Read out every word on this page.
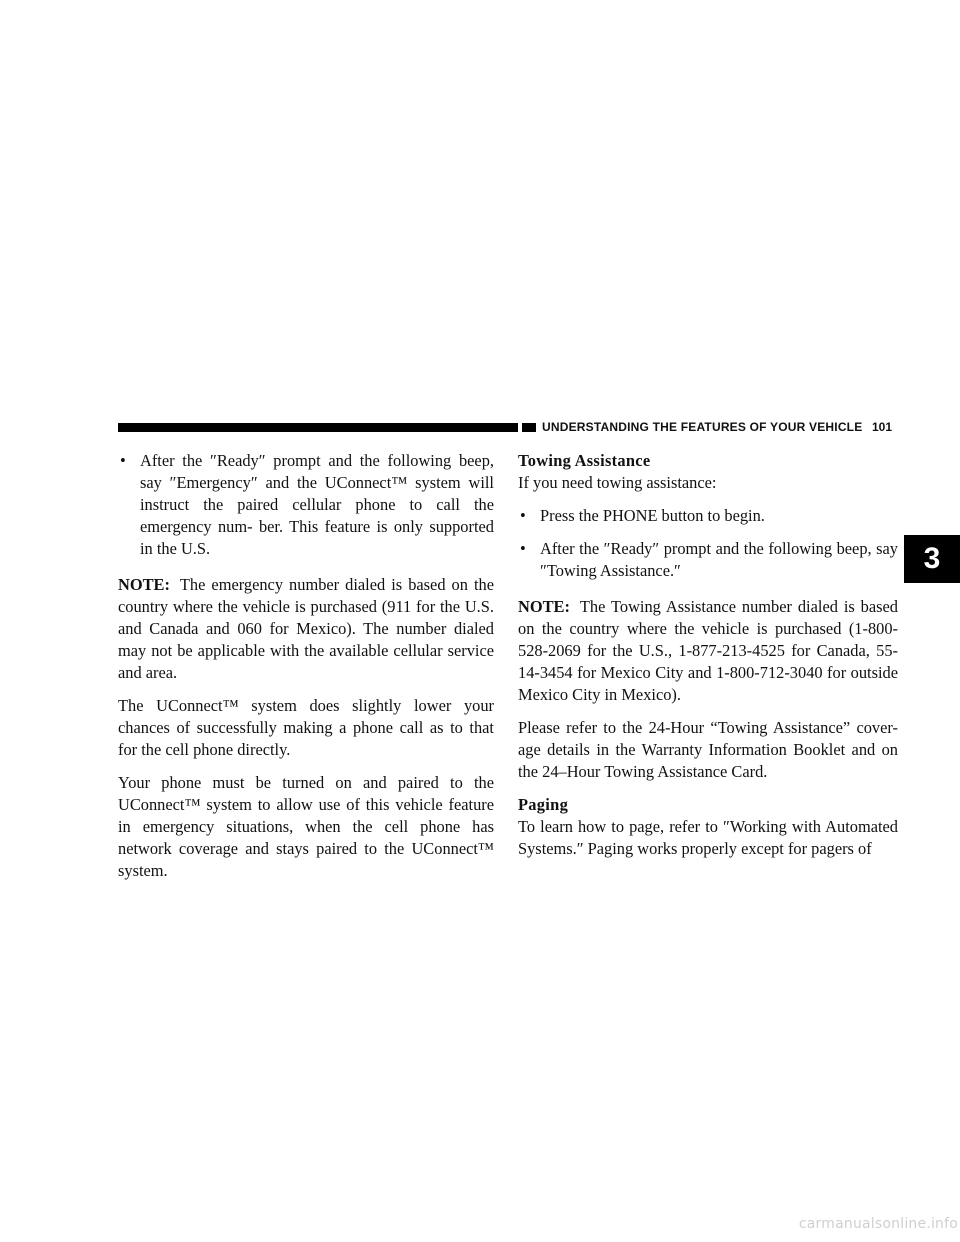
UNDERSTANDING THE FEATURES OF YOUR VEHICLE 101
3
• After the ″Ready″ prompt and the following beep, say ″Emergency″ and the UConnect™ system will instruct the paired cellular phone to call the emergency num- ber. This feature is only supported in the U.S.

NOTE: The emergency number dialed is based on the country where the vehicle is purchased (911 for the U.S. and Canada and 060 for Mexico). The number dialed may not be applicable with the available cellular service and area.

The UConnect™ system does slightly lower your chances of successfully making a phone call as to that for the cell phone directly.

Your phone must be turned on and paired to the UConnect™ system to allow use of this vehicle feature in emergency situations, when the cell phone has network coverage and stays paired to the UConnect™ system.

Towing Assistance

If you need towing assistance:

• Press the PHONE button to begin.
• After the ″Ready″ prompt and the following beep, say ″Towing Assistance.″

NOTE: The Towing Assistance number dialed is based on the country where the vehicle is purchased (1-800-528-2069 for the U.S., 1-877-213-4525 for Canada, 55-14-3454 for Mexico City and 1-800-712-3040 for outside Mexico City in Mexico).

Please refer to the 24-Hour “Towing Assistance” cover- age details in the Warranty Information Booklet and on the 24–Hour Towing Assistance Card.

Paging

To learn how to page, refer to ″Working with Automated Systems.″ Paging works properly except for pagers of

carmanualsonline.info
